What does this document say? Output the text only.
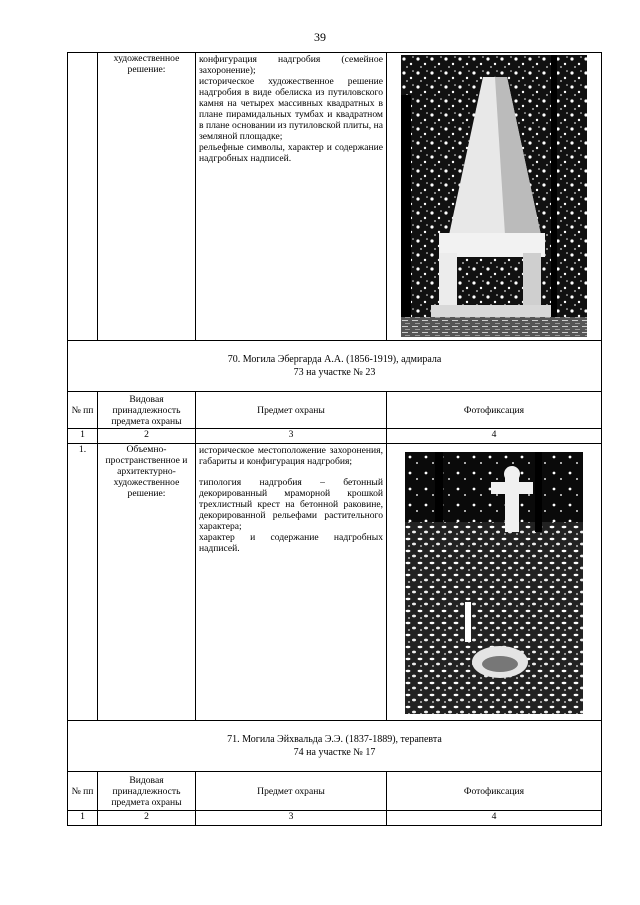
39

	художественное решение:	конфигурация надгробия (семейное захоронение);
историческое художественное решение надгробия в виде обелиска из путиловского камня на четырех массивных квадратных в плане пирамидальных тумбах и квадратном в плане основании из путиловской плиты, на земляной площадке;
рельефные символы, характер и содержание надгробных надписей.

70. Могила Эбергарда А.А. (1856-1919), адмирала
73 на участке № 23			

№ пп	Видовая принадлежность предмета охраны	Предмет охраны	Фотофиксация
1	2	3	4
1.	Объемно-пространственное и архитектурно-художественное решение:	историческое местоположение захоронения, габариты и конфигурация надгробия;
типология надгробия – бетонный декорированный мраморной крошкой трехлистный крест на бетонной раковине, декорированной рельефами растительного характера;
характер и содержание надгробных надписей.

71. Могила Эйхвальда Э.Э. (1837-1889), терапевта
74 на участке № 17			

№ пп	Видовая принадлежность предмета охраны	Предмет охраны	Фотофиксация
1	2	3	4
